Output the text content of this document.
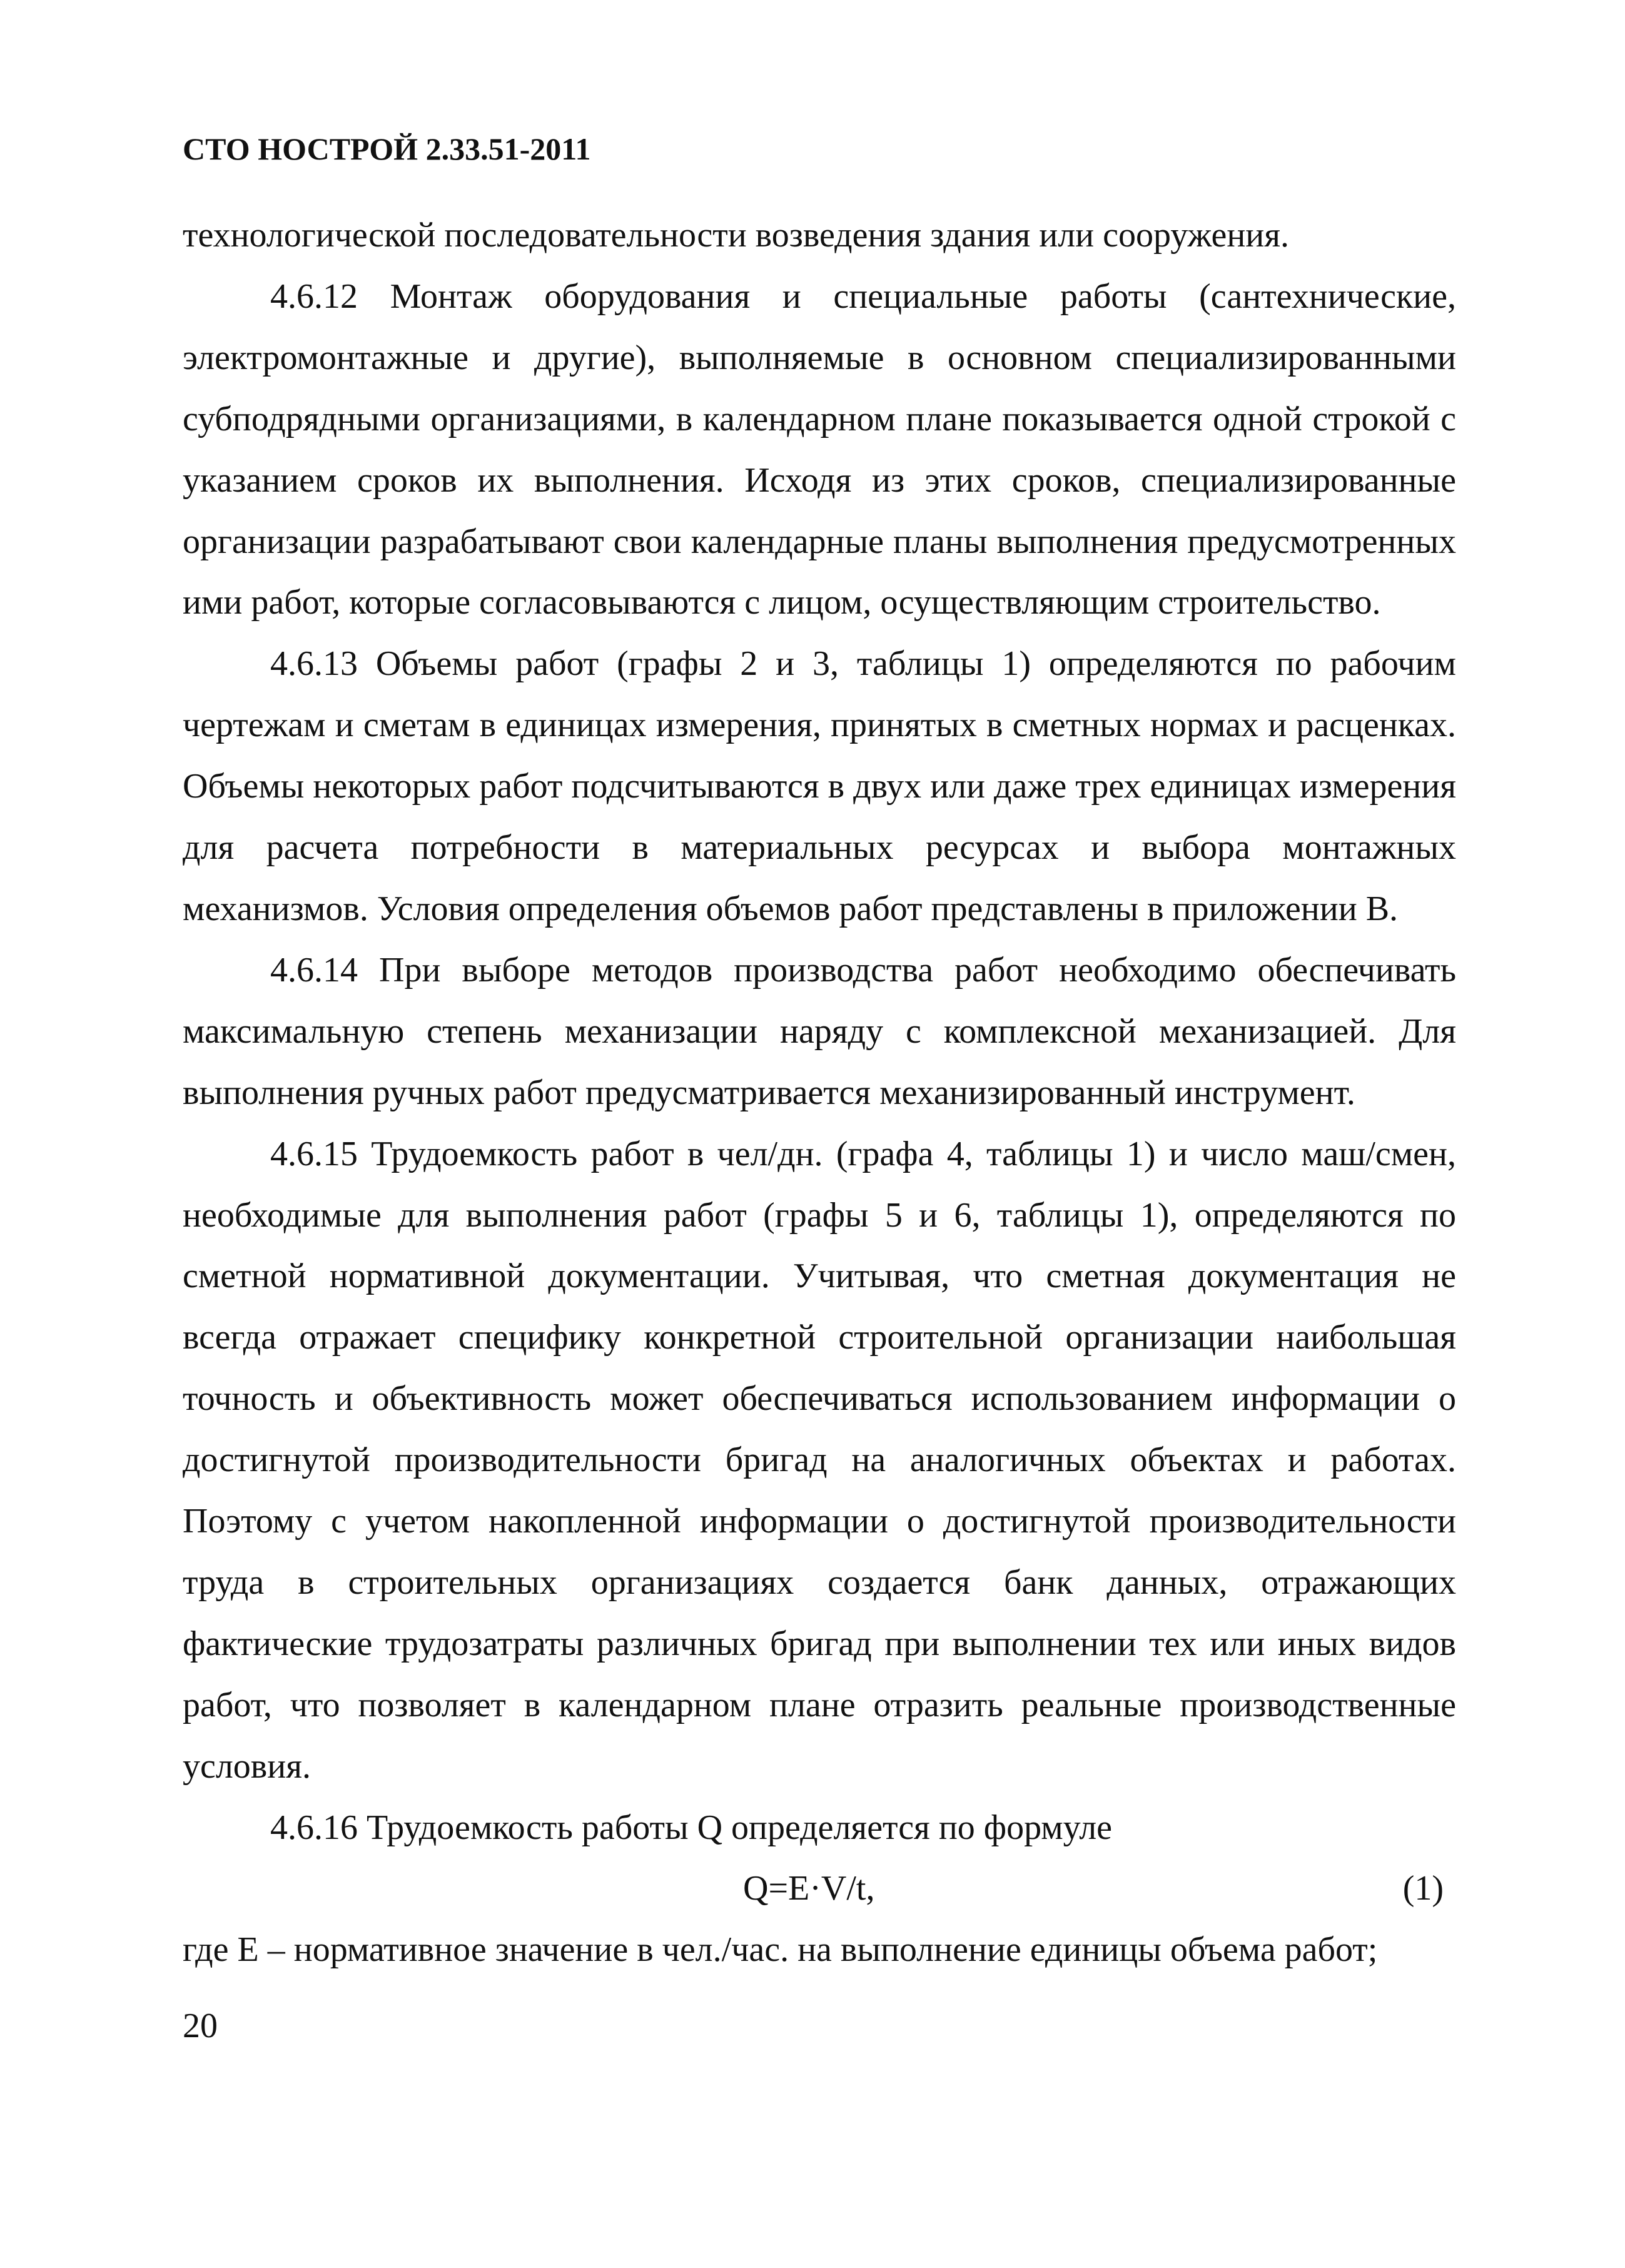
СТО НОСТРОЙ 2.33.51-2011

технологической последовательности возведения здания или сооружения.

4.6.12 Монтаж оборудования и специальные работы (сантехнические, электромонтажные и другие), выполняемые в основном специализированными субподрядными организациями, в календарном плане показывается одной строкой с указанием сроков их выполнения. Исходя из этих сроков, специализированные организации разрабатывают свои календарные планы выполнения предусмотренных ими работ, которые согласовываются с лицом, осуществляющим строительство.

4.6.13 Объемы работ (графы 2 и 3, таблицы 1) определяются по рабочим чертежам и сметам в единицах измерения, принятых в сметных нормах и расценках. Объемы некоторых работ подсчитываются в двух или даже трех единицах измерения для расчета потребности в материальных ресурсах и выбора монтажных механизмов. Условия определения объемов работ представлены в приложении В.

4.6.14 При выборе методов производства работ необходимо обеспечивать максимальную степень механизации наряду с комплексной механизацией. Для выполнения ручных работ предусматривается механизированный инструмент.

4.6.15 Трудоемкость работ в чел/дн. (графа 4, таблицы 1) и число маш/смен, необходимые для выполнения работ (графы 5 и 6, таблицы 1), определяются по сметной нормативной документации. Учитывая, что сметная документация не всегда отражает специфику конкретной строительной организации наибольшая точность и объективность может обеспечиваться использованием информации о достигнутой производительности бригад на аналогичных объектах и работах. Поэтому с учетом накопленной информации о достигнутой производительности труда в строительных организациях создается банк данных, отражающих фактические трудозатраты различных бригад при выполнении тех или иных видов работ, что позволяет в календарном плане отразить реальные производственные условия.

4.6.16 Трудоемкость работы Q определяется по формуле

Q=E·V/t,	(1)

где Е – нормативное значение в чел./час. на выполнение единицы объема работ;

20
